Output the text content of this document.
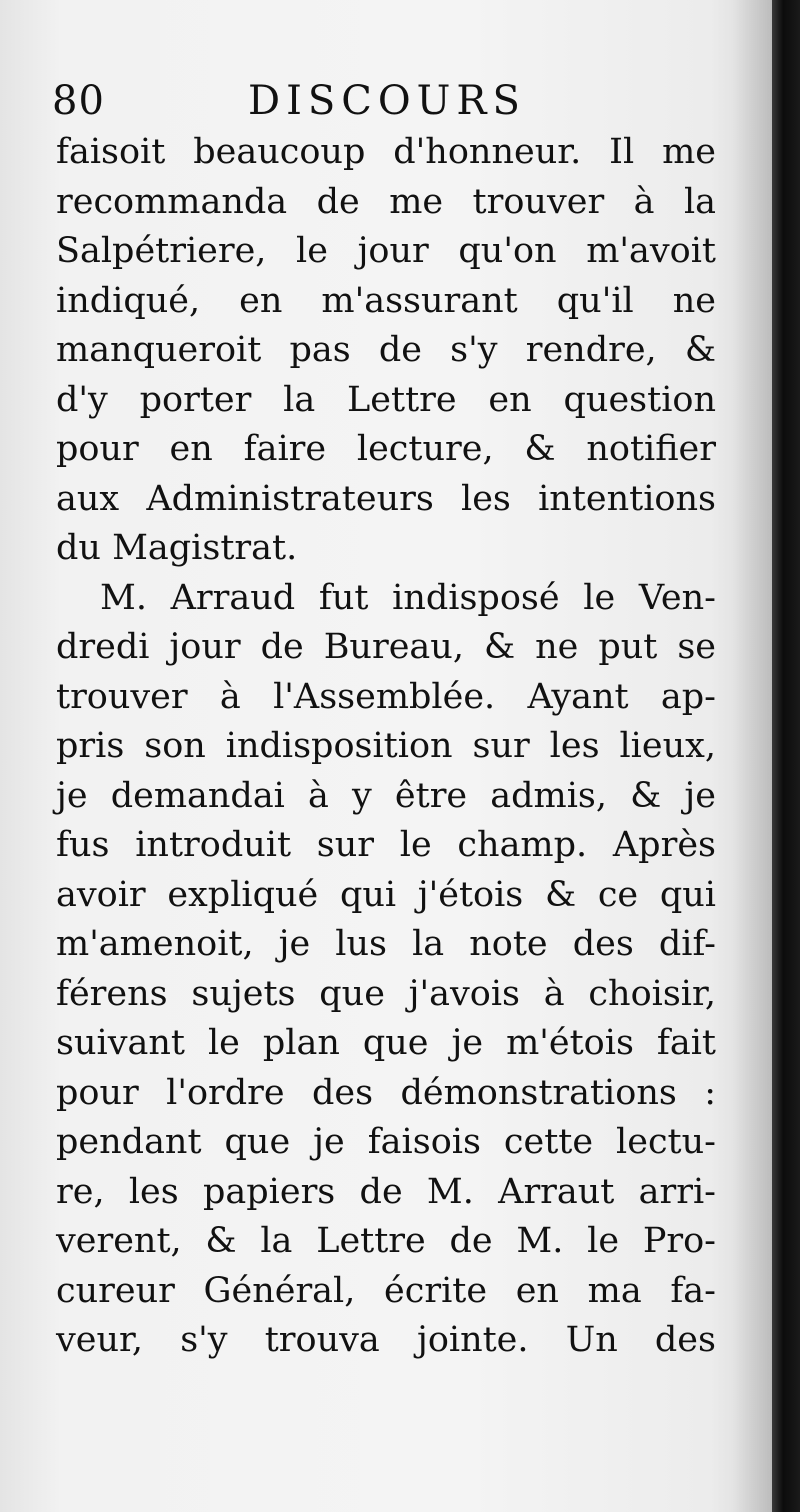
80	DISCOURS
faisoit beaucoup d'honneur. Il me
recommanda de me trouver à la
Salpétriere, le jour qu'on m'avoit
indiqué, en m'assurant qu'il ne
manqueroit pas de s'y rendre, &
d'y porter la Lettre en question
pour en faire lecture, & notifier
aux Administrateurs les intentions
du Magistrat.
M. Arraud fut indisposé le Ven-
dredi jour de Bureau, & ne put se
trouver à l'Assemblée. Ayant ap-
pris son indisposition sur les lieux,
je demandai à y être admis, & je
fus introduit sur le champ. Après
avoir expliqué qui j'étois & ce qui
m'amenoit, je lus la note des dif-
férens sujets que j'avois à choisir,
suivant le plan que je m'étois fait
pour l'ordre des démonstrations :
pendant que je faisois cette lectu-
re, les papiers de M. Arraut arri-
verent, & la Lettre de M. le Pro-
cureur Général, écrite en ma fa-
veur, s'y trouva jointe. Un des
